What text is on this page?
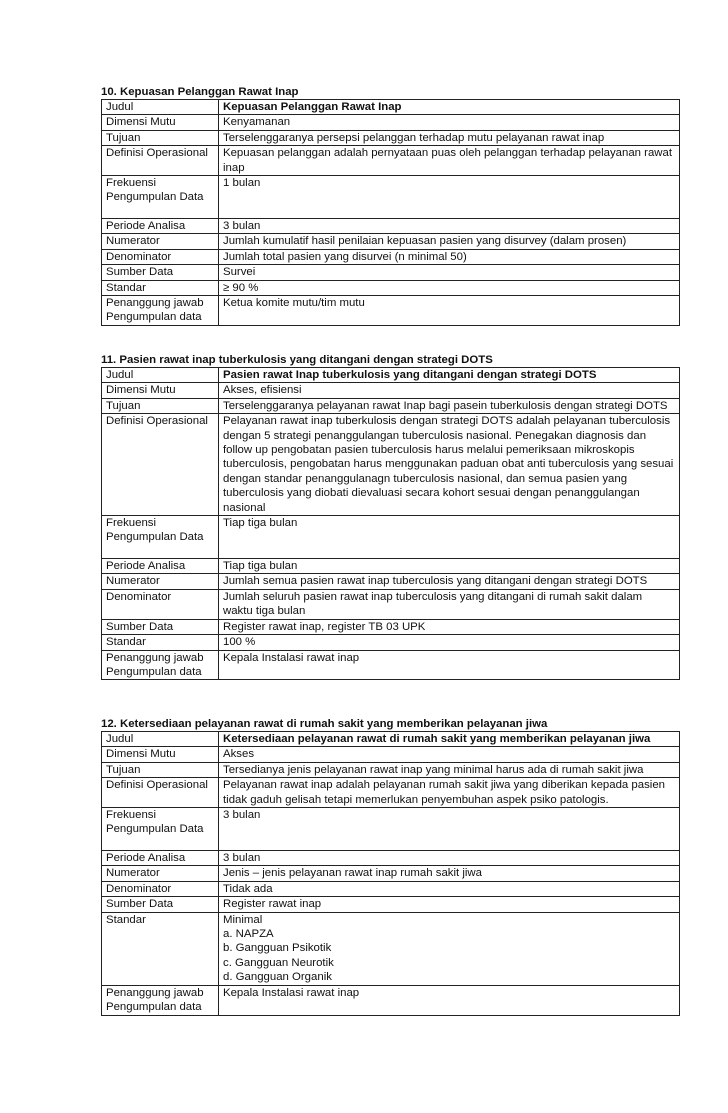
10. Kepuasan Pelanggan Rawat Inap
Judul	Kepuasan Pelanggan Rawat Inap
Dimensi Mutu	Kenyamanan
Tujuan	Terselenggaranya persepsi pelanggan terhadap mutu pelayanan rawat inap
Definisi Operasional	Kepuasan pelanggan adalah pernyataan puas oleh pelanggan terhadap pelayanan rawat inap
Frekuensi Pengumpulan Data	1 bulan
Periode Analisa	3 bulan
Numerator	Jumlah kumulatif hasil penilaian kepuasan pasien yang disurvey (dalam prosen)
Denominator	Jumlah total pasien yang disurvei (n minimal 50)
Sumber Data	Survei
Standar	≥ 90 %
Penanggung jawab Pengumpulan data	Ketua komite mutu/tim mutu
11. Pasien rawat inap tuberkulosis yang ditangani dengan strategi DOTS
Judul	Pasien rawat Inap tuberkulosis yang ditangani dengan strategi DOTS
Dimensi Mutu	Akses, efisiensi
Tujuan	Terselenggaranya pelayanan rawat Inap bagi pasein tuberkulosis dengan strategi DOTS
Definisi Operasional	Pelayanan rawat inap tuberkulosis dengan strategi DOTS adalah pelayanan tuberculosis dengan 5 strategi penanggulangan tuberculosis nasional. Penegakan diagnosis dan follow up pengobatan pasien tuberculosis harus melalui pemeriksaan mikroskopis tuberculosis, pengobatan harus menggunakan paduan obat anti tuberculosis yang sesuai dengan standar penanggulanagn tuberculosis nasional, dan semua pasien yang tuberculosis yang diobati dievaluasi secara kohort sesuai dengan penanggulangan nasional
Frekuensi Pengumpulan Data	Tiap tiga bulan
Periode Analisa	Tiap tiga bulan
Numerator	Jumlah semua pasien rawat inap tuberculosis yang ditangani dengan strategi DOTS
Denominator	Jumlah seluruh pasien rawat inap tuberculosis yang ditangani di rumah sakit dalam waktu tiga bulan
Sumber Data	Register rawat inap, register TB 03 UPK
Standar	100 %
Penanggung jawab Pengumpulan data	Kepala Instalasi rawat inap
12. Ketersediaan pelayanan rawat di rumah sakit yang memberikan pelayanan jiwa
Judul	Ketersediaan pelayanan rawat di rumah sakit yang memberikan pelayanan jiwa
Dimensi Mutu	Akses
Tujuan	Tersedianya jenis pelayanan rawat inap yang minimal harus ada di rumah sakit jiwa
Definisi Operasional	Pelayanan rawat inap adalah pelayanan rumah sakit jiwa yang diberikan kepada pasien tidak gaduh gelisah tetapi memerlukan penyembuhan aspek psiko patologis.
Frekuensi Pengumpulan Data	3 bulan
Periode Analisa	3 bulan
Numerator	Jenis – jenis pelayanan rawat inap rumah sakit jiwa
Denominator	Tidak ada
Sumber Data	Register rawat inap
Standar	Minimal
a. NAPZA
b. Gangguan Psikotik
c. Gangguan Neurotik
d. Gangguan Organik

Penanggung jawab Pengumpulan data	Kepala Instalasi rawat inap
